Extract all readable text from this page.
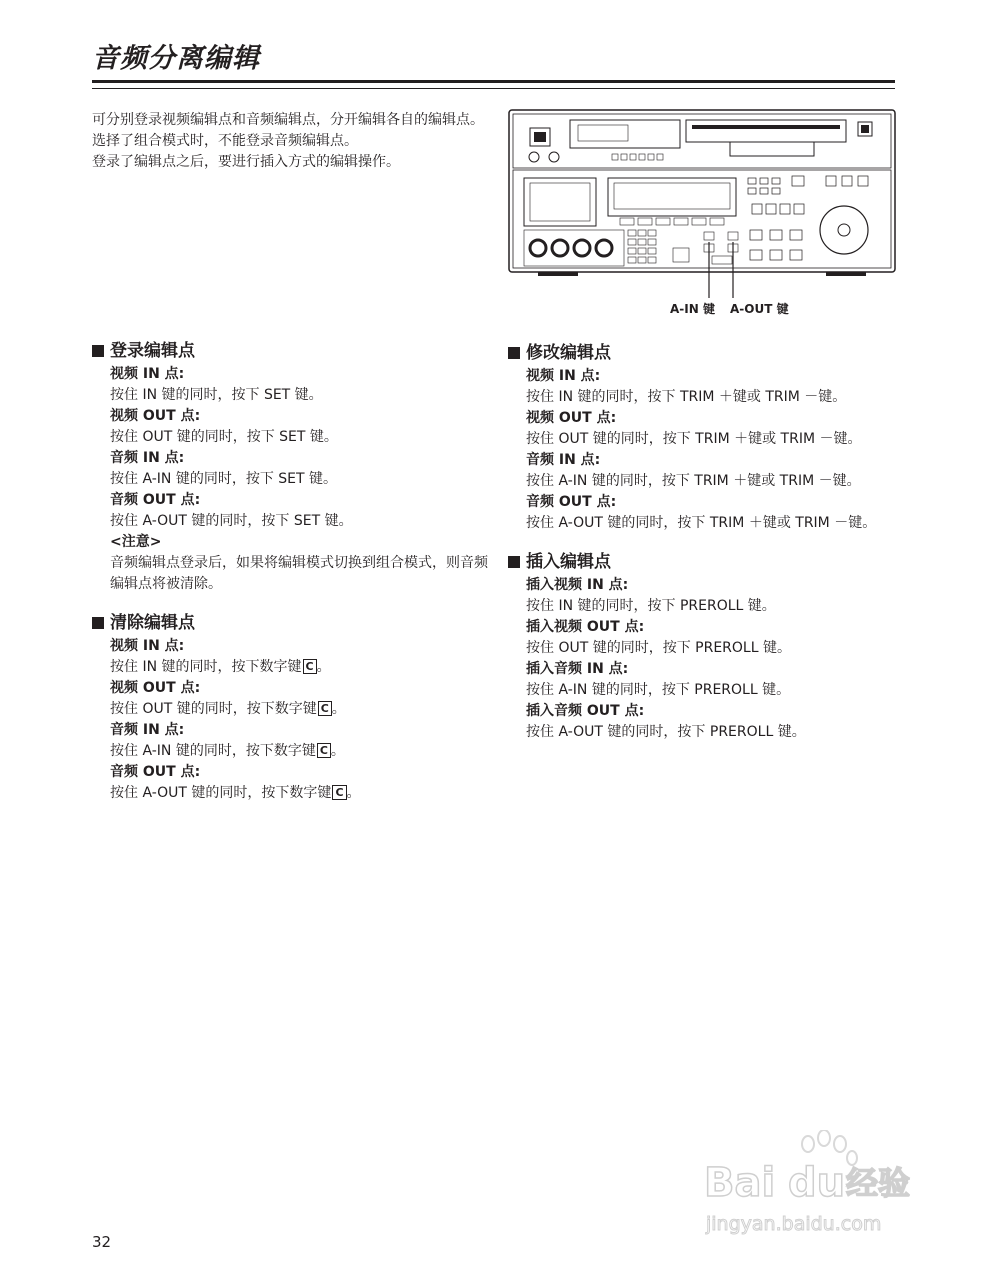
音频分离编辑

可分别登录视频编辑点和音频编辑点，分开编辑各自的编辑点。

选择了组合模式时，不能登录音频编辑点。

登录了编辑点之后，要进行插入方式的编辑操作。

A-IN 键 A-OUT 键
登录编辑点
视频 IN 点:
按住 IN 键的同时，按下 SET 键。
视频 OUT 点:
按住 OUT 键的同时，按下 SET 键。
音频 IN 点:
按住 A-IN 键的同时，按下 SET 键。
音频 OUT 点:
按住 A-OUT 键的同时，按下 SET 键。
<注意>
音频编辑点登录后，如果将编辑模式切换到组合模式，则音频编辑点将被清除。
清除编辑点
视频 IN 点:
按住 IN 键的同时，按下数字键 C 。
视频 OUT 点:
按住 OUT 键的同时，按下数字键 C 。
音频 IN 点:
按住 A-IN 键的同时，按下数字键 C 。
音频 OUT 点:
按住 A-OUT 键的同时，按下数字键 C 。
修改编辑点
视频 IN 点:
按住 IN 键的同时，按下 TRIM ＋键或 TRIM －键。
视频 OUT 点:
按住 OUT 键的同时，按下 TRIM ＋键或 TRIM －键。
音频 IN 点:
按住 A-IN 键的同时，按下 TRIM ＋键或 TRIM －键。
音频 OUT 点:
按住 A-OUT 键的同时，按下 TRIM ＋键或 TRIM －键。
插入编辑点
插入视频 IN 点:
按住 IN 键的同时，按下 PREROLL 键。
插入视频 OUT 点:
按住 OUT 键的同时，按下 PREROLL 键。
插入音频 IN 点:
按住 A-IN 键的同时，按下 PREROLL 键。
插入音频 OUT 点:
按住 A-OUT 键的同时，按下 PREROLL 键。
Bai du 经验
jingyan.baidu.com
32
